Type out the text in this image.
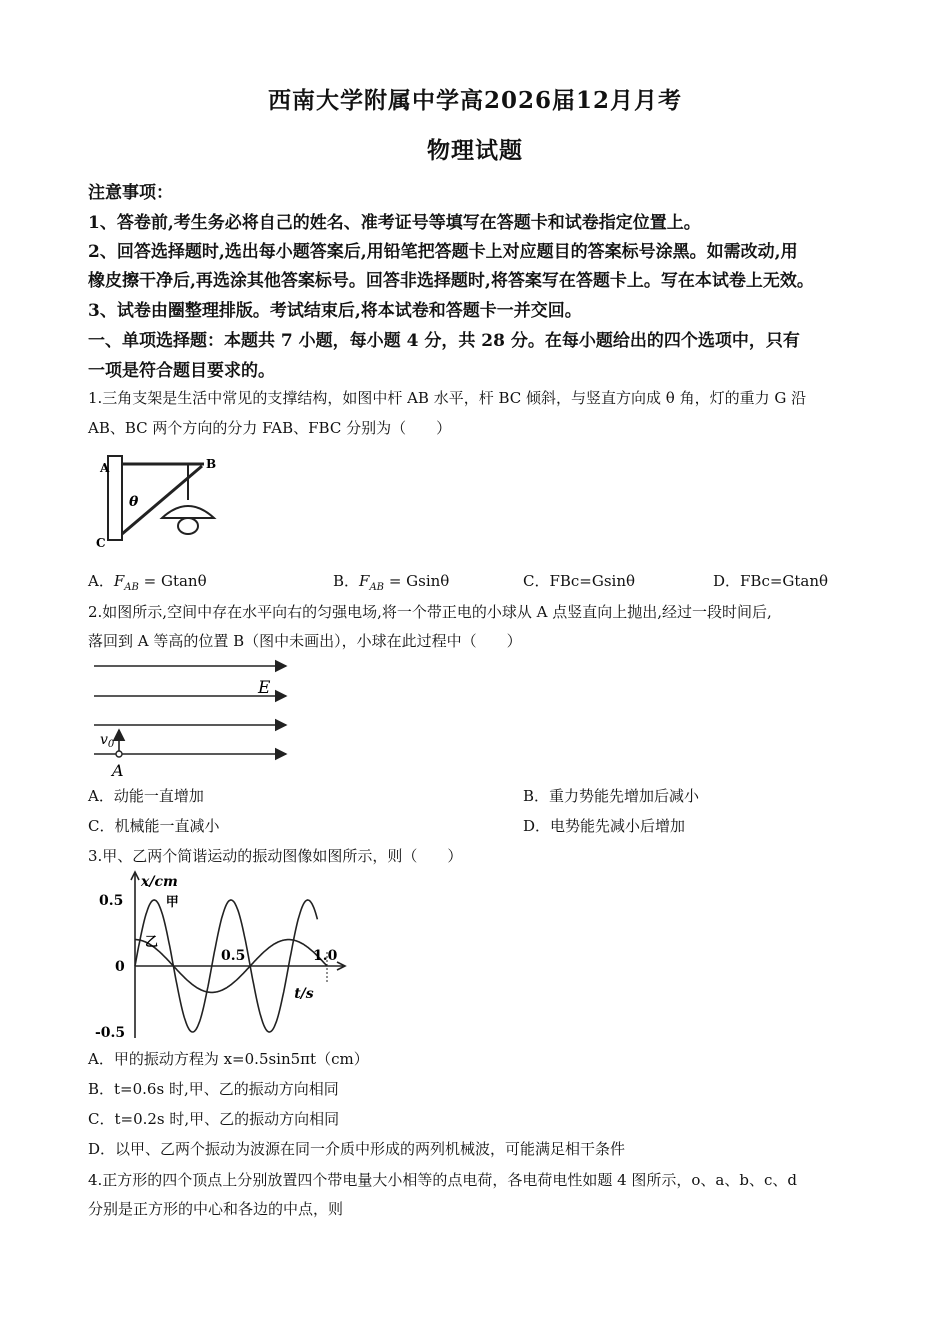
西南大学附属中学高2026届12月月考
物理试题
注意事项：
1、答卷前,考生务必将自己的姓名、准考证号等填写在答题卡和试卷指定位置上。
2、回答选择题时,选出每小题答案后,用铅笔把答题卡上对应题目的答案标号涂黑。如需改动,用
橡皮擦干净后,再选涂其他答案标号。回答非选择题时,将答案写在答题卡上。写在本试卷上无效。
3、试卷由圈整理排版。考试结束后,将本试卷和答题卡一并交回。
一、单项选择题：本题共 7 小题，每小题 4 分，共 28 分。在每小题给出的四个选项中，只有
一项是符合题目要求的。
1.三角支架是生活中常见的支撑结构，如图中杆 AB 水平，杆 BC 倾斜，与竖直方向成 θ 角，灯的重力 G 沿
AB、BC 两个方向的分力 FAB、FBC 分别为（　　）
A	B
C
θ
A．$F_{AB} = Gtan\theta$	B．$F_{AB} = Gsin\theta$	C．FBc=Gsinθ	D．FBc=Gtanθ
2.如图所示,空间中存在水平向右的匀强电场,将一个带正电的小球从 A 点竖直向上抛出,经过一段时间后,
落回到 A 等高的位置 B（图中未画出），小球在此过程中（　　）
E
$v_0$
A
A．动能一直增加	B．重力势能先增加后减小
C．机械能一直减小	D．电势能先减小后增加
3.甲、乙两个简谐运动的振动图像如图所示，则（　　）
x/cm
t/s
0.5
0
-0.5
0.5	1.0
甲
乙
A．甲的振动方程为 x=0.5sin5πt（cm）
B．t=0.6s 时,甲、乙的振动方向相同
C．t=0.2s 时,甲、乙的振动方向相同
D．以甲、乙两个振动为波源在同一介质中形成的两列机械波，可能满足相干条件
4.正方形的四个顶点上分别放置四个带电量大小相等的点电荷，各电荷电性如题 4 图所示，o、a、b、c、d
分别是正方形的中心和各边的中点，则
